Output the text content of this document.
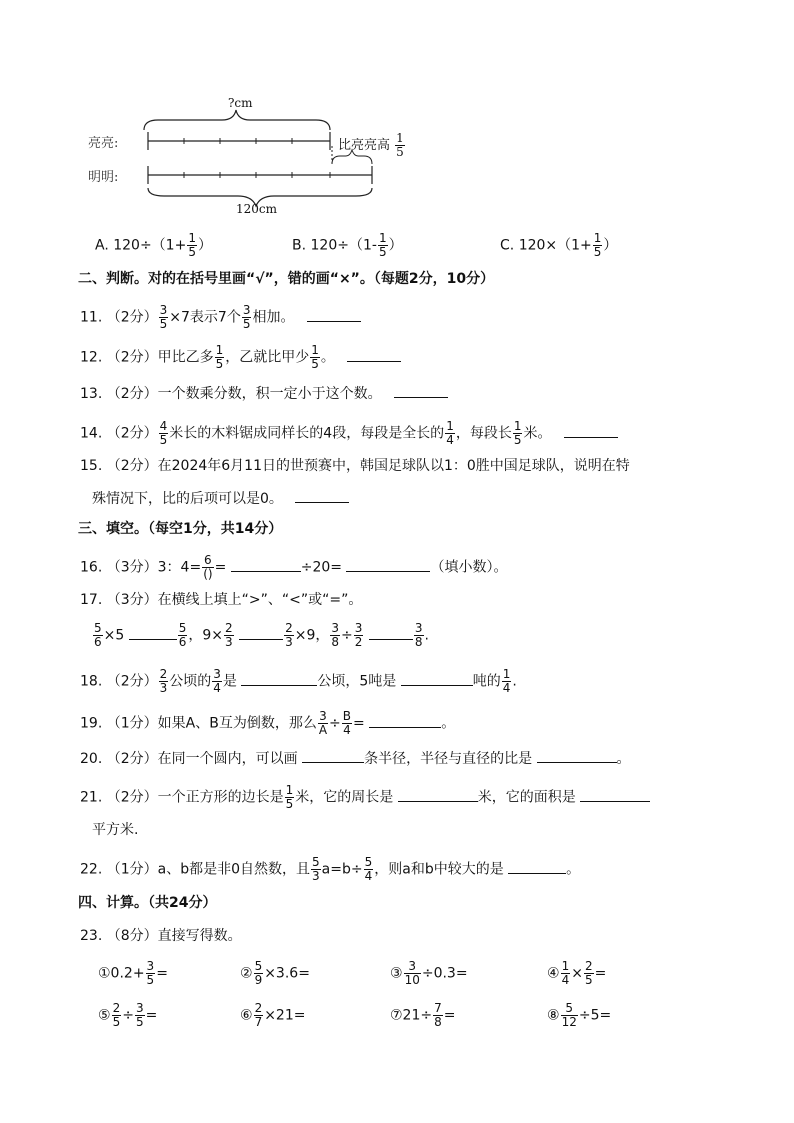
?cm
亮亮:
明明:
120cm
比亮亮高 $\frac{1}{5}$
A. $120\div(1+ \frac{1}{5}$ ）	B. $120\div(1- \frac{1}{5}$ ）	C. $120\times(1+ \frac{1}{5}$ ）
二、判断。对的在括号里画“√”，错的画“×”。（每题2分，10分）
11. （2分） $\frac{3}{5} \times 7$表示7个 $\frac{3}{5}$ 相加。
12. （2分）甲比乙多 $\frac{1}{5}$ ，乙就比甲少 $\frac{1}{5}$ 。
13. （2分）一个数乘分数，积一定小于这个数。
14. （2分） $\frac{4}{5}$ 米长的木料锯成同样长的4段，每段是全长的 $\frac{1}{4}$ ，每段长 $\frac{1}{5}$ 米。
15. （2分）在2024年6月11日的世预赛中，韩国足球队以1：0胜中国足球队，说明在特
殊情况下，比的后项可以是0。
三、填空。（每空1分，共14分）
16. （3分）3：4= 6
() =	÷20=	（填小数）。
17. （3分）在横线上填上“>”、“<”或“=”。
$\frac{5}{6} \times 5$	$\frac{5}{6}$ ，$9\times \frac{2}{3}$
	$\frac{2}{3} \times 9$， $\frac{3}{8} \div \frac{3}{2}$
	$\frac{3}{8}$ .
18. （2分） $\frac{2}{3}$ 公顷的 $\frac{3}{4}$ 是	公顷，5吨是	吨的 $\frac{1}{4}$ .
19. （1分）如果A、B互为倒数，那么 $\frac{3}{A} \div \frac{B}{4}$ =	。
20. （2分）在同一个圆内，可以画	条半径，半径与直径的比是	。
21. （2分）一个正方形的边长是 $\frac{1}{5}$ 米，它的周长是	米，它的面积是
平方米.
22. （1分）a、b都是非0自然数，且 $\frac{5}{3} a=b\div \frac{5}{4}$ ，则a和b中较大的是	。
四、计算。（共24分）
23. （8分）直接写得数。
①0.2+ $\frac{3}{5}$ =	② $\frac{5}{9} \times 3.6=$	③ $\frac{3}{10} \div 0.3=$	④ $\frac{1}{4} \times \frac{2}{5}$ =
⑤ $\frac{2}{5} \div \frac{3}{5}$ =	⑥ $\frac{2}{7} \times 21=$	⑦21÷ $\frac{7}{8}$ =	⑧ $\frac{5}{12} \div 5=$
